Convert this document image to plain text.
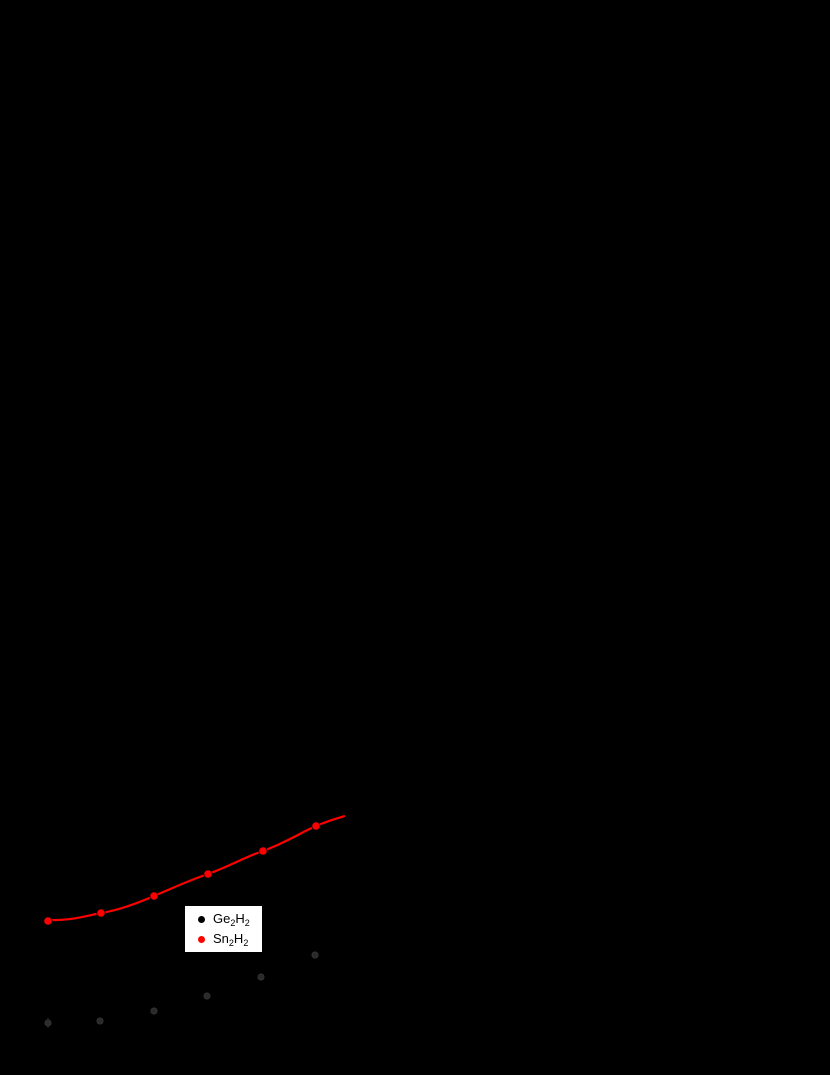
$Ge_2H_2$
$Sn_2H_2$
